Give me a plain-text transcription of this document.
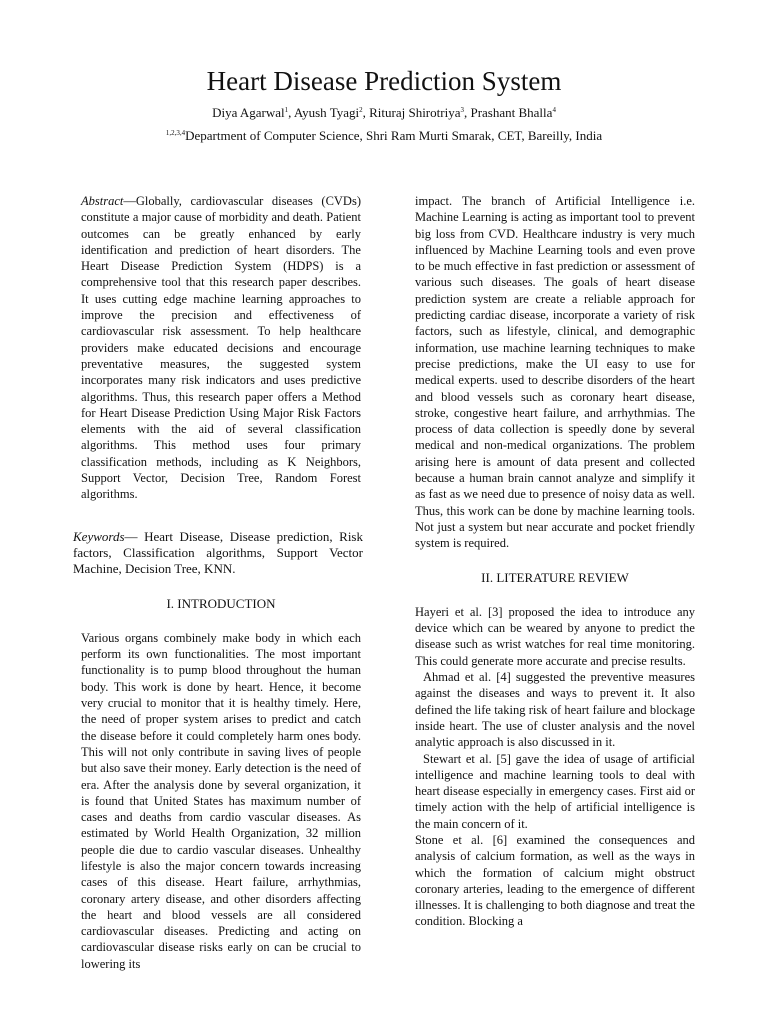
Heart Disease Prediction System
Diya Agarwal$^1$, Ayush Tyagi$^2$, Rituraj Shirotriya$^3$, Prashant Bhalla$^4$
$^{1,2,3,4}$Department of Computer Science, Shri Ram Murti Smarak, CET, Bareilly, India

Abstract—Globally, cardiovascular diseases (CVDs) constitute a major cause of morbidity and death. Patient outcomes can be greatly enhanced by early identification and prediction of heart disorders. The Heart Disease Prediction System (HDPS) is a comprehensive tool that this research paper describes. It uses cutting edge machine learning approaches to improve the precision and effectiveness of cardiovascular risk assessment. To help healthcare providers make educated decisions and encourage preventative measures, the suggested system incorporates many risk indicators and uses predictive algorithms. Thus, this research paper offers a Method for Heart Disease Prediction Using Major Risk Factors elements with the aid of several classification algorithms. This method uses four primary classification methods, including as K Neighbors, Support Vector, Decision Tree, Random Forest algorithms.

Keywords— Heart Disease, Disease prediction, Risk factors, Classification algorithms, Support Vector Machine, Decision Tree, KNN.

I. INTRODUCTION

Various organs combinely make body in which each perform its own functionalities. The most important functionality is to pump blood throughout the human body. This work is done by heart. Hence, it become very crucial to monitor that it is healthy timely. Here, the need of proper system arises to predict and catch the disease before it could completely harm ones body. This will not only contribute in saving lives of people but also save their money. Early detection is the need of era. After the analysis done by several organization, it is found that United States has maximum number of cases and deaths from cardio vascular diseases. As estimated by World Health Organization, 32 million people die due to cardio vascular diseases. Unhealthy lifestyle is also the major concern towards increasing cases of this disease. Heart failure, arrhythmias, coronary artery disease, and other disorders affecting the heart and blood vessels are all considered cardiovascular diseases. Predicting and acting on cardiovascular disease risks early on can be crucial to lowering its

impact. The branch of Artificial Intelligence i.e. Machine Learning is acting as important tool to prevent big loss from CVD. Healthcare industry is very much influenced by Machine Learning tools and even prove to be much effective in fast prediction or assessment of various such diseases. The goals of heart disease prediction system are create a reliable approach for predicting cardiac disease, incorporate a variety of risk factors, such as lifestyle, clinical, and demographic information, use machine learning techniques to make precise predictions, make the UI easy to use for medical experts. used to describe disorders of the heart and blood vessels such as coronary heart disease, stroke, congestive heart failure, and arrhythmias. The process of data collection is speedly done by several medical and non-medical organizations. The problem arising here is amount of data present and collected because a human brain cannot analyze and simplify it as fast as we need due to presence of noisy data as well. Thus, this work can be done by machine learning tools. Not just a system but near accurate and pocket friendly system is required.

II. LITERATURE REVIEW

Hayeri et al. [3] proposed the idea to introduce any device which can be weared by anyone to predict the disease such as wrist watches for real time monitoring. This could generate more accurate and precise results.

Ahmad et al. [4] suggested the preventive measures against the diseases and ways to prevent it. It also defined the life taking risk of heart failure and blockage inside heart. The use of cluster analysis and the novel analytic approach is also discussed in it.

Stewart et al. [5] gave the idea of usage of artificial intelligence and machine learning tools to deal with heart disease especially in emergency cases. First aid or timely action with the help of artificial intelligence is the main concern of it.

Stone et al. [6] examined the consequences and analysis of calcium formation, as well as the ways in which the formation of calcium might obstruct coronary arteries, leading to the emergence of different illnesses. It is challenging to both diagnose and treat the condition. Blocking a
